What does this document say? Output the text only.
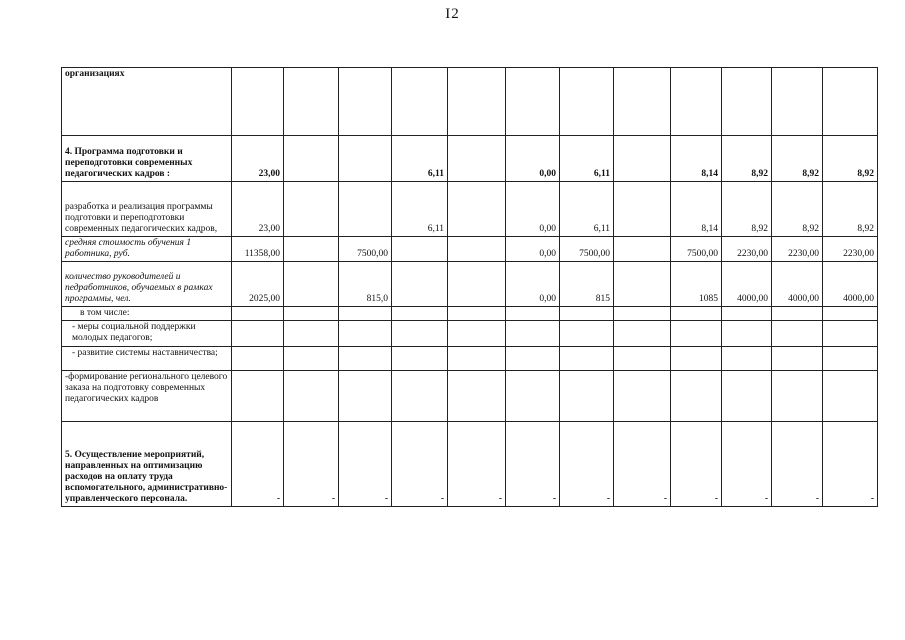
I2
организациях												
4. Программа подготовки и переподготовки современных педагогических кадров :	23,00			6,11		0,00	6,11		8,14	8,92	8,92	8,92
разработка и реализация программы подготовки и переподготовки современных педагогических кадров,	23,00			6,11		0,00	6,11		8,14	8,92	8,92	8,92
средняя стоимость обучения 1 работника, руб.	11358,00		7500,00			0,00	7500,00		7500,00	2230,00	2230,00	2230,00
количество руководителей и педработников, обучаемых в рамках программы, чел.	2025,00		815,0			0,00	815		1085	4000,00	4000,00	4000,00
в том числе:												
- меры социальной поддержки молодых педагогов;												
- развитие системы наставничества;												
-формирование регионального целевого заказа на подготовку современных педагогических кадров												
5. Осуществление мероприятий, направленных на оптимизацию расходов на оплату труда вспомогательного, административно-управленческого персонала.	-	-	-	-	-	-	-	-	-	-	-	-
